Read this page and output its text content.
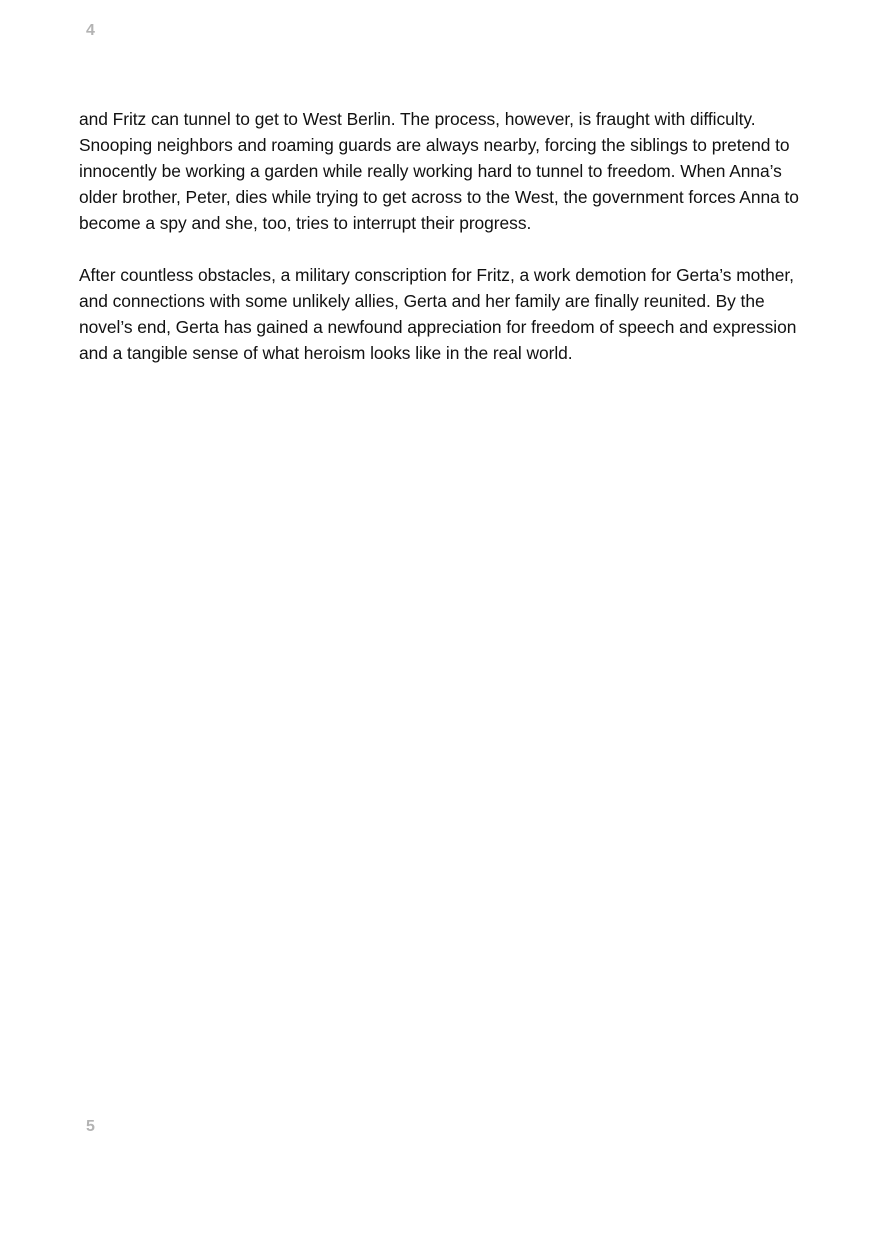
4

and Fritz can tunnel to get to West Berlin. The process, however, is fraught with difficulty. Snooping neighbors and roaming guards are always nearby, forcing the siblings to pretend to innocently be working a garden while really working hard to tunnel to freedom. When Anna’s older brother, Peter, dies while trying to get across to the West, the government forces Anna to become a spy and she, too, tries to interrupt their progress.

After countless obstacles, a military conscription for Fritz, a work demotion for Gerta’s mother, and connections with some unlikely allies, Gerta and her family are finally reunited. By the novel’s end, Gerta has gained a newfound appreciation for freedom of speech and expression and a tangible sense of what heroism looks like in the real world.

5
